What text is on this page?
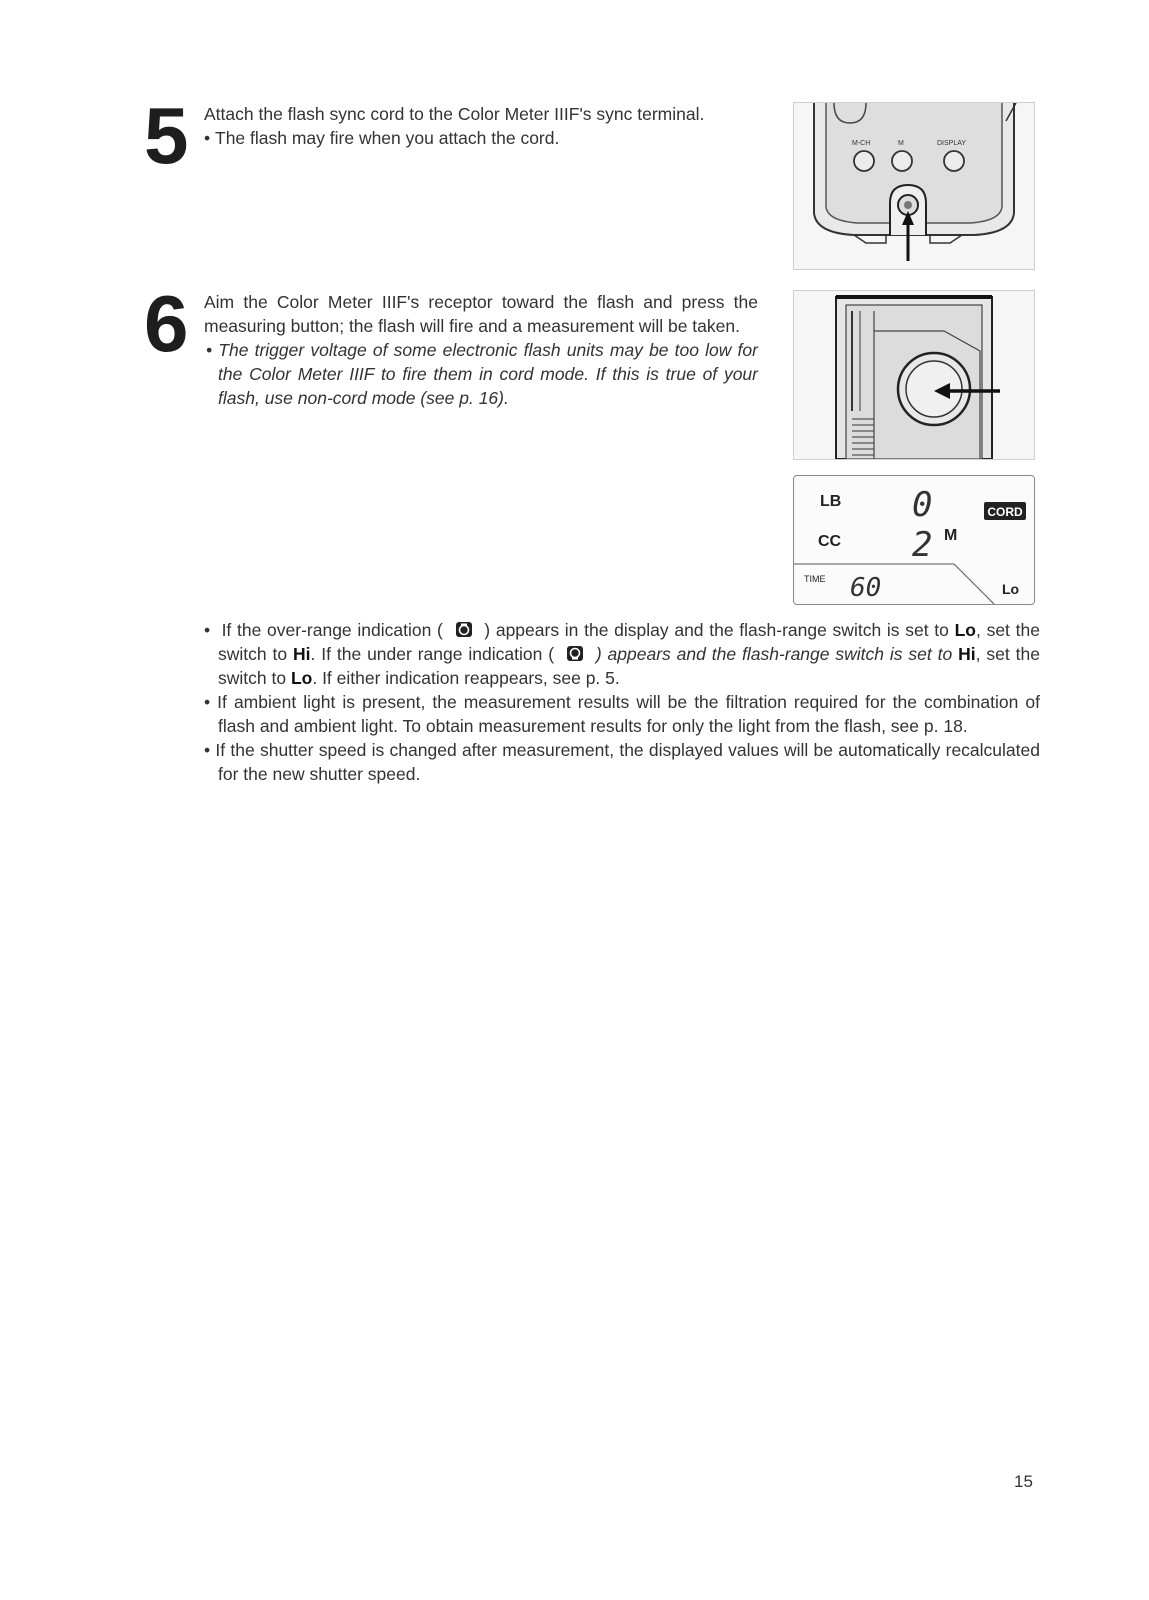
5 Attach the flash sync cord to the Color Meter IIIF's sync terminal.

• The flash may fire when you attach the cord.	M-CH	M	DISPLAY
6 Aim the Color Meter IIIF's receptor toward the flash and press the measuring button; the flash will fire and a measurement will be taken.

• The trigger voltage of some electronic flash units may be too low for the Color Meter IIIF to fire them in cord mode. If this is true of your flash, use non-cord mode (see p. 16).

LB 0	CORD
CC 2 M
TIME 60	Lo

• If the over-range indication ( ) appears in the display and the flash-range switch is set to Lo, set the switch to Hi. If the under range indication ( ) appears and the flash-range switch is set to Hi, set the switch to Lo. If either indication reappears, see p. 5.

• If ambient light is present, the measurement results will be the filtration required for the combination of flash and ambient light. To obtain measurement results for only the light from the flash, see p. 18.

• If the shutter speed is changed after measurement, the displayed values will be automatically recalculated for the new shutter speed.

15
